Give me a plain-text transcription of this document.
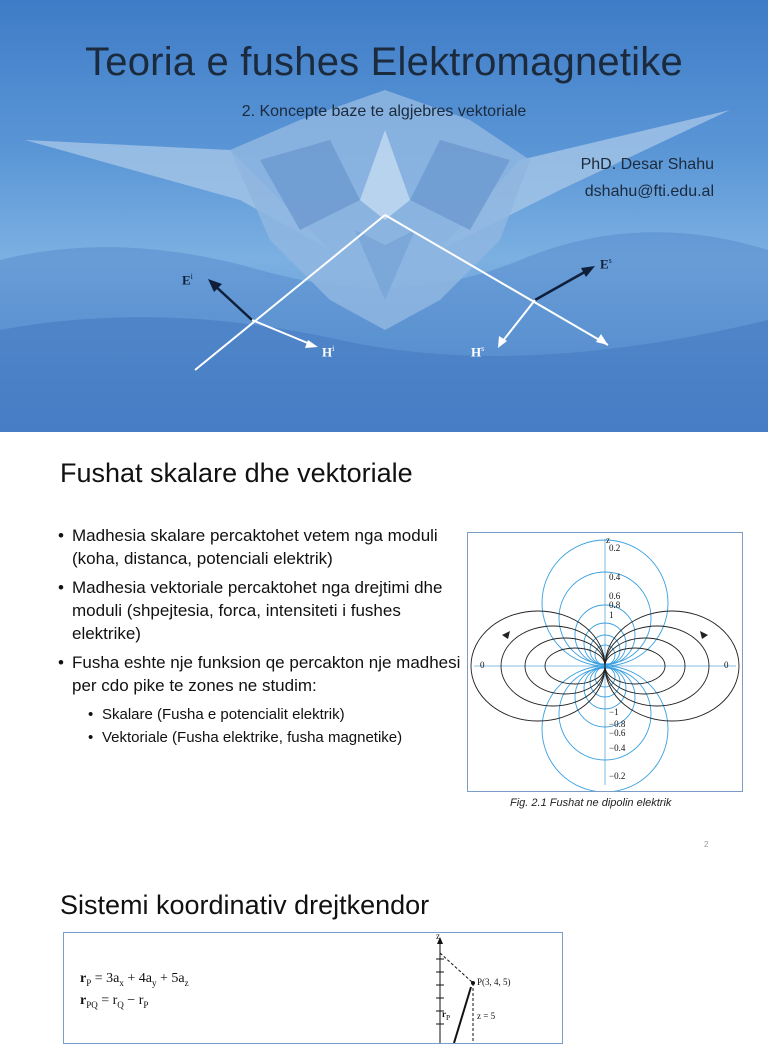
Teoria e fushes Elektromagnetike
2. Koncepte baze te algjebres vektoriale
PhD. Desar Shahu
dshahu@fti.edu.al
$E^i$
$H^i$
$E^s$
$H^s$
Fushat skalare dhe vektoriale
• Madhesia skalare percaktohet vetem nga moduli (koha, distanca, potenciali elektrik)
• Madhesia vektoriale percaktohet nga drejtimi dhe moduli (shpejtesia, forca, intensiteti i fushes elektrike)
• Fusha eshte nje funksion qe percakton nje madhesi per cdo pike te zones ne studim:
• Skalare (Fusha e potencialit elektrik)
• Vektoriale (Fusha elektrike, fusha magnetike)
z
0.2
0.4
0.6
0.8
1
−1
−0.8
−0.6
−0.4
−0.2
0	0
Fig. 2.1 Fushat ne dipolin elektrik
2
Sistemi koordinativ drejtkendor
$r_P = 3a_x + 4a_y + 5a_z$
$r_{PQ} = r_Q - r_P$
z
P(3, 4, 5)
z = 5
$r_P$
